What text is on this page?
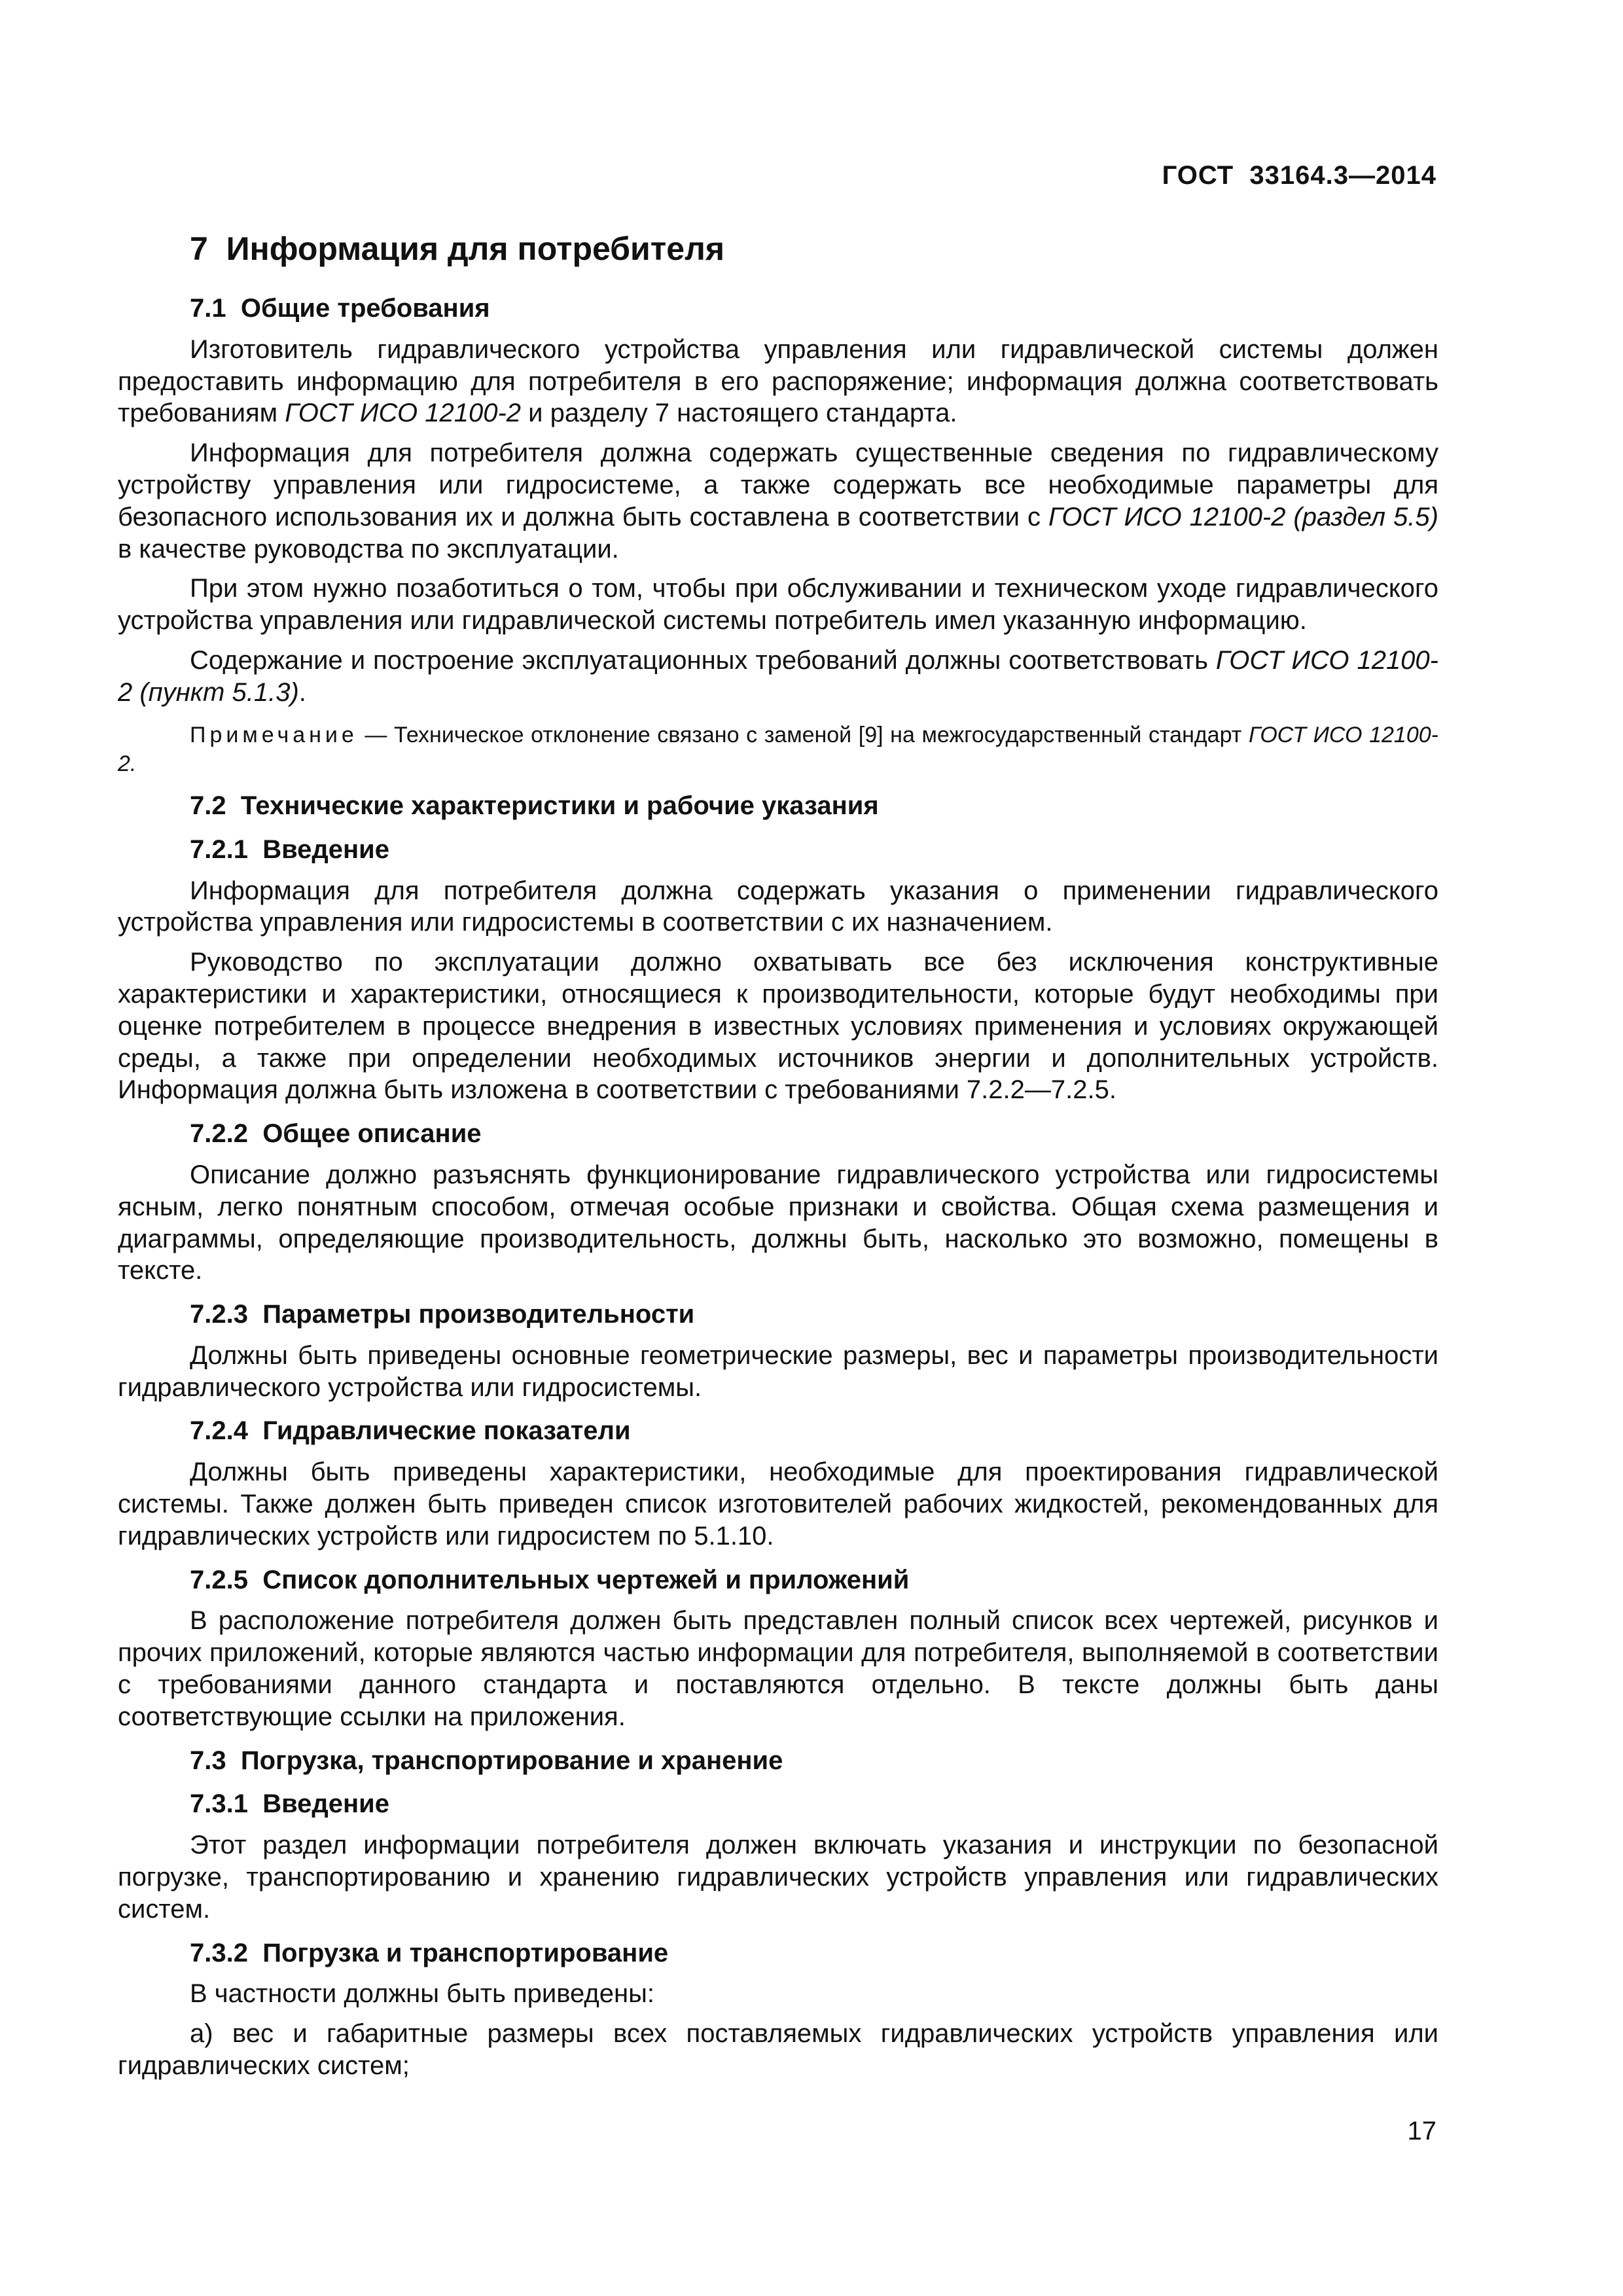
ГОСТ  33164.3—2014
7  Информация для потребителя
7.1  Общие требования

Изготовитель гидравлического устройства управления или гидравлической системы должен предоставить информацию для потребителя в его распоряжение; информация должна соответствовать требованиям ГОСТ ИСО 12100-2 и разделу 7 настоящего стандарта.

Информация для потребителя должна содержать существенные сведения по гидравлическому устройству управления или гидросистеме, а также содержать все необходимые параметры для безопасного использования их и должна быть составлена в соответствии с ГОСТ ИСО 12100-2 (раздел 5.5) в качестве руководства по эксплуатации.

При этом нужно позаботиться о том, чтобы при обслуживании и техническом уходе гидравлического устройства управления или гидравлической системы потребитель имел указанную информацию.

Содержание и построение эксплуатационных требований должны соответствовать ГОСТ ИСО 12100-2 (пункт 5.1.3).

Примечание — Техническое отклонение связано с заменой [9] на межгосударственный стандарт ГОСТ ИСО 12100-2.

7.2  Технические характеристики и рабочие указания
7.2.1  Введение

Информация для потребителя должна содержать указания о применении гидравлического устройства управления или гидросистемы в соответствии с их назначением.

Руководство по эксплуатации должно охватывать все без исключения конструктивные характеристики и характеристики, относящиеся к производительности, которые будут необходимы при оценке потребителем в процессе внедрения в известных условиях применения и условиях окружающей среды, а также при определении необходимых источников энергии и дополнительных устройств. Информация должна быть изложена в соответствии с требованиями 7.2.2—7.2.5.

7.2.2  Общее описание

Описание должно разъяснять функционирование гидравлического устройства или гидросистемы ясным, легко понятным способом, отмечая особые признаки и свойства. Общая схема размещения и диаграммы, определяющие производительность, должны быть, насколько это возможно, помещены в тексте.

7.2.3  Параметры производительности

Должны быть приведены основные геометрические размеры, вес и параметры производительности гидравлического устройства или гидросистемы.

7.2.4  Гидравлические показатели

Должны быть приведены характеристики, необходимые для проектирования гидравлической системы. Также должен быть приведен список изготовителей рабочих жидкостей, рекомендованных для гидравлических устройств или гидросистем по 5.1.10.

7.2.5  Список дополнительных чертежей и приложений

В расположение потребителя должен быть представлен полный список всех чертежей, рисунков и прочих приложений, которые являются частью информации для потребителя, выполняемой в соответствии с требованиями данного стандарта и поставляются отдельно. В тексте должны быть даны соответствующие ссылки на приложения.

7.3  Погрузка, транспортирование и хранение
7.3.1  Введение

Этот раздел информации потребителя должен включать указания и инструкции по безопасной погрузке, транспортированию и хранению гидравлических устройств управления или гидравлических систем.

7.3.2  Погрузка и транспортирование

В частности должны быть приведены:

а) вес и габаритные размеры всех поставляемых гидравлических устройств управления или гидравлических систем;

17
